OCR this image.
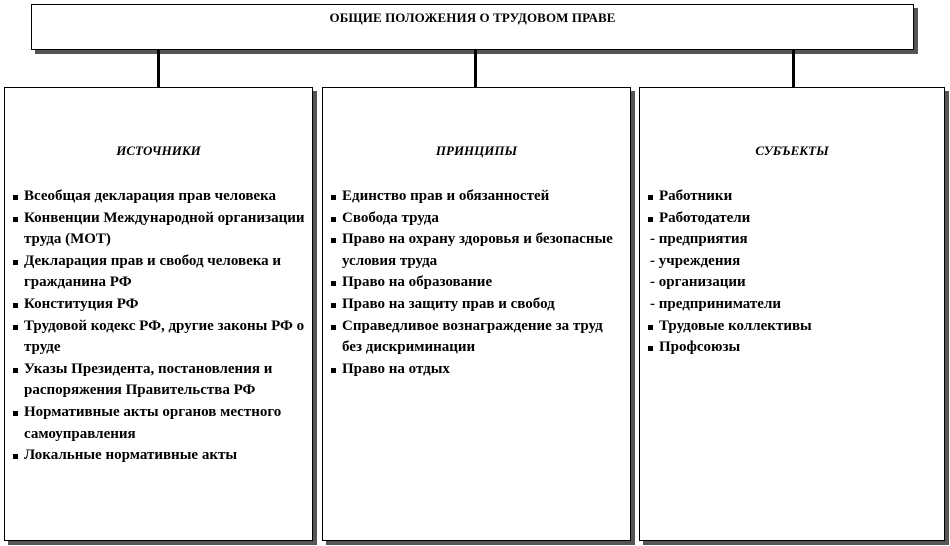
ОБЩИЕ ПОЛОЖЕНИЯ О ТРУДОВОМ ПРАВЕ
ИСТОЧНИКИ
Всеобщая декларация прав человека
Конвенции Международной организации труда (МОТ)
Декларация прав и свобод человека и гражданина РФ
Конституция РФ
Трудовой кодекс РФ, другие законы РФ о труде
Указы Президента, постановления и распоряжения Правительства РФ
Нормативные акты органов местного самоуправления
Локальные нормативные акты
ПРИНЦИПЫ
Единство прав и обязанностей
Свобода труда
Право на охрану здоровья и безопасные условия труда
Право на образование
Право на защиту прав и свобод
Справедливое вознаграждение за труд без дискриминации
Право на отдых
СУБЪЕКТЫ
Работники
Работодатели
- предприятия
- учреждения
- организации
- предприниматели
Трудовые коллективы
Профсоюзы
